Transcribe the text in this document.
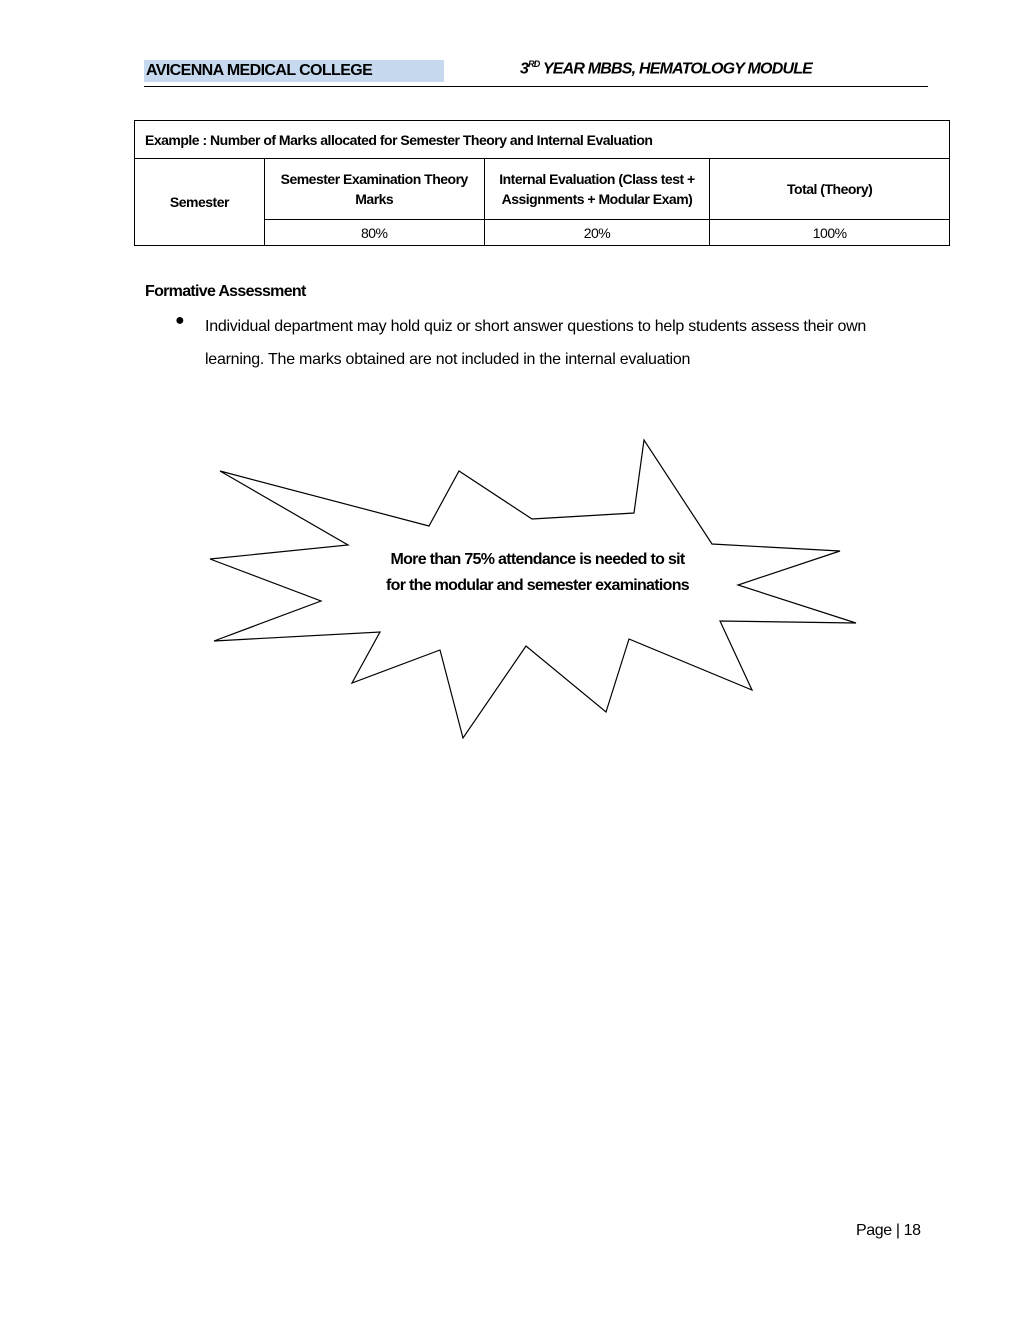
AVICENNA MEDICAL COLLEGE	3RD YEAR MBBS, HEMATOLOGY MODULE
Example : Number of Marks allocated for Semester Theory and Internal Evaluation			
Semester	Semester Examination Theory Marks	Internal Evaluation (Class test + Assignments + Modular Exam)	Total (Theory)
	80%	20%	100%
Formative Assessment
● Individual department may hold quiz or short answer questions to help students assess their own learning. The marks obtained are not included in the internal evaluation
More than 75% attendance is needed to sit for the modular and semester examinations
Page | 18
